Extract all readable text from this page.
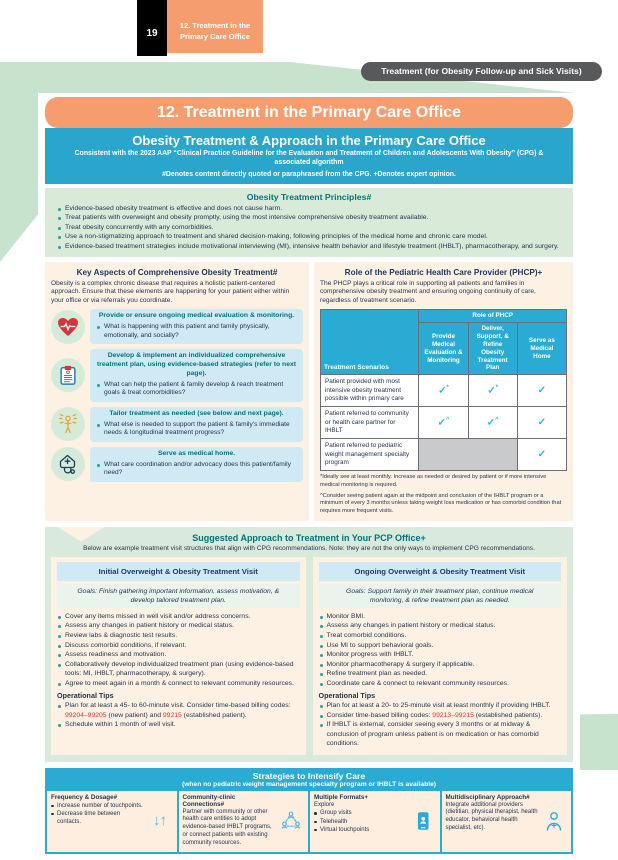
19
12. Treatment in the Primary Care Office
Treatment (for Obesity Follow-up and Sick Visits)
12. Treatment in the Primary Care Office
Obesity Treatment & Approach in the Primary Care Office
Consistent with the 2023 AAP “Clinical Practice Guideline for the Evaluation and Treatment of Children and Adolescents With Obesity” (CPG) & associated algorithm
#Denotes content directly quoted or paraphrased from the CPG. +Denotes expert opinion.
Obesity Treatment Principles#
Evidence-based obesity treatment is effective and does not cause harm.
Treat patients with overweight and obesity promptly, using the most intensive comprehensive obesity treatment available.
Treat obesity concurrently with any comorbidities.
Use a non-stigmatizing approach to treatment and shared decision-making, following principles of the medical home and chronic care model.
Evidence-based treatment strategies include motivational interviewing (MI), intensive health behavior and lifestyle treatment (IHBLT), pharmacotherapy, and surgery.
Key Aspects of Comprehensive Obesity Treatment#
Obesity is a complex chronic disease that requires a holistic patient-centered approach. Ensure that these elements are happening for your patient either within your office or via referrals you coordinate.
Provide or ensure ongoing medical evaluation & monitoring.
What is happening with this patient and family physically, emotionally, and socially?
Develop & implement an individualized comprehensive treatment plan, using evidence-based strategies (refer to next page).
What can help the patient & family develop & reach treatment goals & treat comorbidities?
Tailor treatment as needed (see below and next page).
What else is needed to support the patient & family's immediate needs & longitudinal treatment progress?
Serve as medical home.
What care coordination and/or advocacy does this patient/family need?
Role of the Pediatric Health Care Provider (PHCP)+
The PHCP plays a critical role in supporting all patients and families in comprehensive obesity treatment and ensuring ongoing continuity of care, regardless of treatment scenario.
Treatment Scenarios	Role of PHCP		
	Provide Medical Evaluation & Monitoring	Deliver, Support, & Refine Obesity Treatment Plan	Serve as Medical Home
Patient provided with most intensive obesity treatment possible within primary care	✓*	✓*	✓
Patient referred to community or health care partner for IHBLT	✓^	✓^	✓
Patient referred to pediatric weight management specialty program			✓
*Ideally see at least monthly. Increase as needed or desired by patient or if more intensive medical monitoring is required.
^Consider seeing patient again at the midpoint and conclusion of the IHBLT program or a minimum of every 3 months unless taking weight loss medication or has comorbid condition that requires more frequent visits.
Suggested Approach to Treatment in Your PCP Office+
Below are example treatment visit structures that align with CPG recommendations. Note: they are not the only ways to implement CPG recommendations.
Initial Overweight & Obesity Treatment Visit
Goals: Finish gathering important information, assess motivation, & develop tailored treatment plan.
Cover any items missed in well visit and/or address concerns.
Assess any changes in patient history or medical status.
Review labs & diagnostic test results.
Discuss comorbid conditions, if relevant.
Assess readiness and motivation.
Collaboratively develop individualized treatment plan (using evidence-based tools: MI, IHBLT, pharmacotherapy, & surgery).
Agree to meet again in a month & connect to relevant community resources.
Operational Tips
Plan for at least a 45- to 60-minute visit. Consider time-based billing codes: 99204–99205 (new patient) and 99215 (established patient).
Schedule within 1 month of well visit.
Ongoing Overweight & Obesity Treatment Visit
Goals: Support family in their treatment plan, continue medical monitoring, & refine treatment plan as needed.
Monitor BMI.
Assess any changes in patient history or medical status.
Treat comorbid conditions.
Use MI to support behavioral goals.
Monitor progress with IHBLT.
Monitor pharmacotherapy & surgery if applicable.
Refine treatment plan as needed.
Coordinate care & connect to relevant community resources.
Operational Tips
Plan for at least a 20- to 25-minute visit at least monthly if providing IHBLT.
Consider time-based billing codes: 99213–99215 (established patients).
If IHBLT is external, consider seeing every 3 months or at midway & conclusion of program unless patient is on medication or has comorbid conditions.
Strategies to Intensify Care
(when no pediatric weight management specialty program or IHBLT is available)
Frequency & Dosage#
Increase number of touchpoints.
Decrease time between contacts.	↓↑
Community-clinic Connections#
Partner with community or other health care entities to adopt evidence-based IHBLT programs, or connect patients with existing community resources.
Multiple Formats+
Explore
Group visits
Telehealth
Virtual touchpoints
Multidisciplinary Approach#
Integrate additional providers (dietitian, physical therapist, health educator, behavioral health specialist, etc).
